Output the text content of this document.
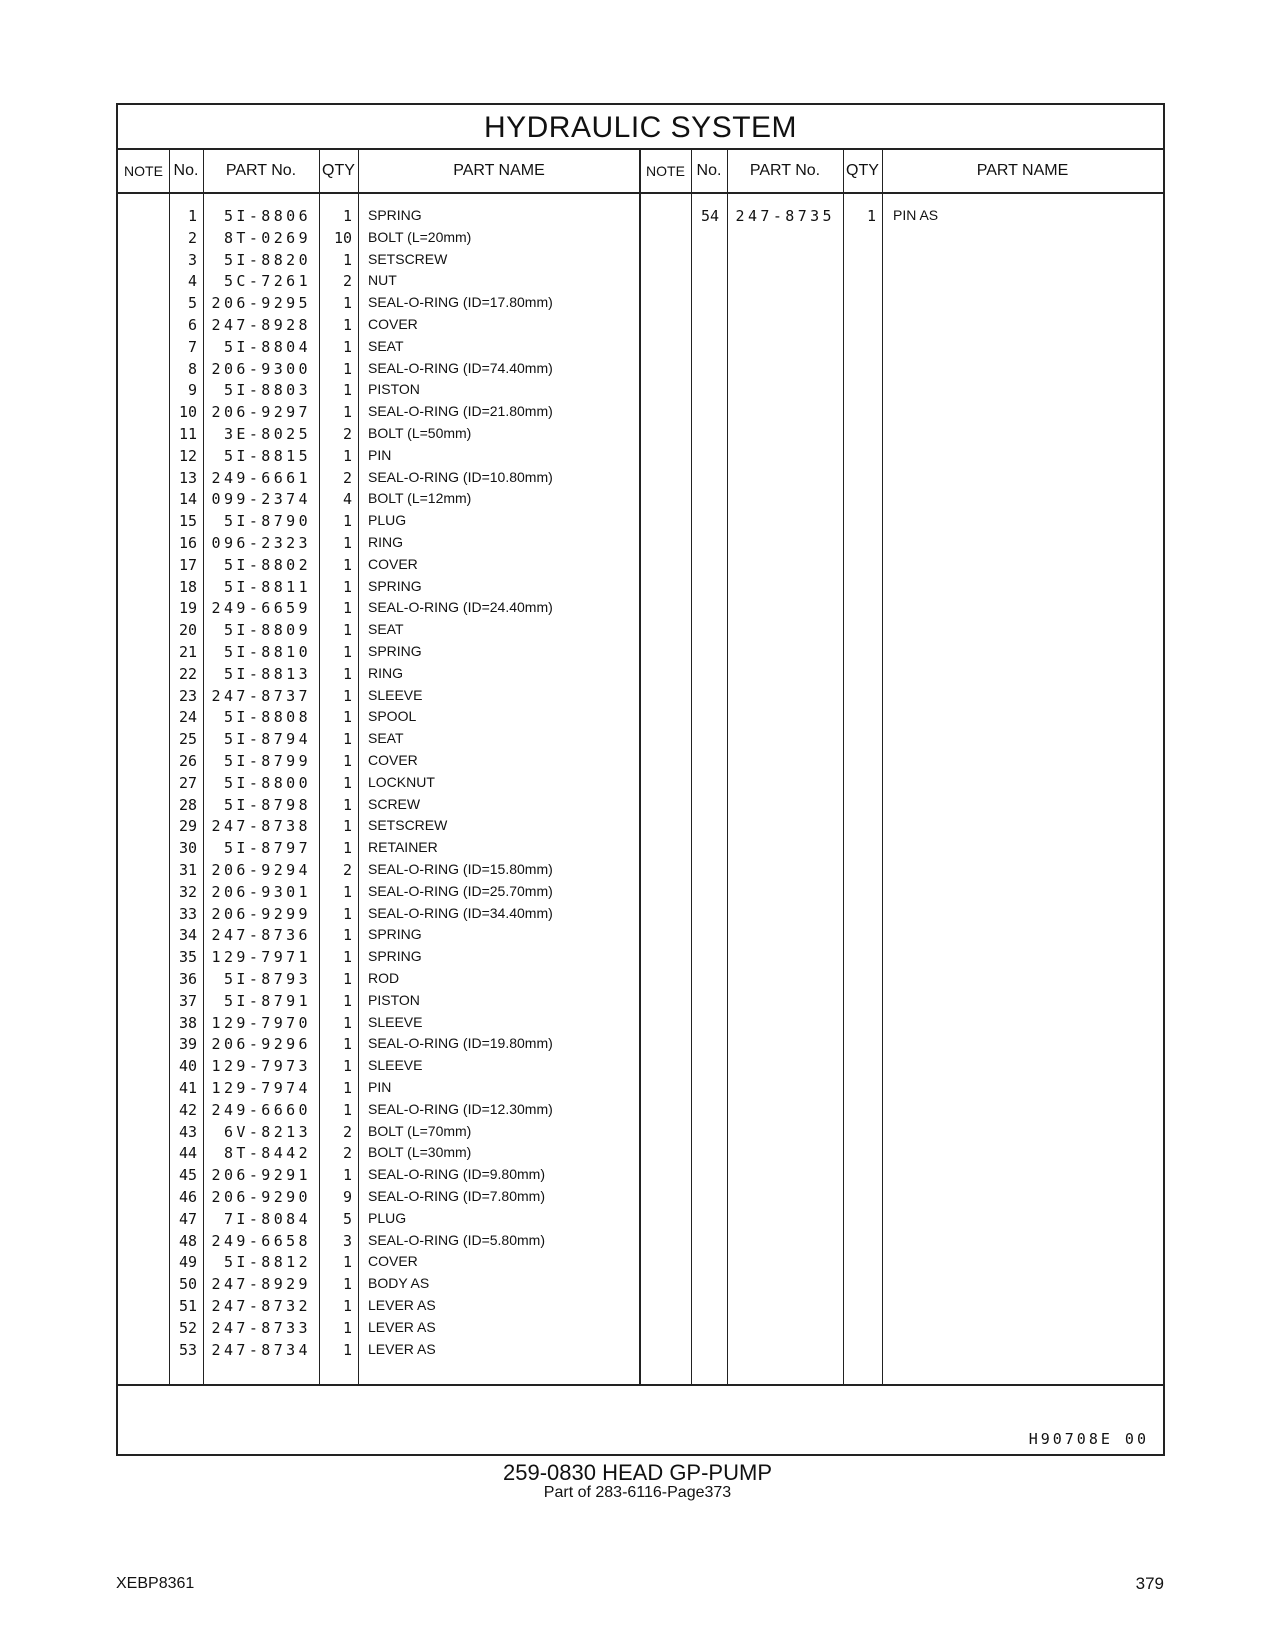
HYDRAULIC SYSTEM
NOTE No.	PART No.	QTY	PART NAME	NOTE No.	PART No.	QTY	PART NAME
1	5I-8806	1 SPRING
2	8T-0269	10 BOLT (L=20mm)
3	5I-8820	1 SETSCREW
4	5C-7261	2 NUT
5 206-9295	1 SEAL-O-RING (ID=17.80mm)
6 247-8928	1 COVER
7	5I-8804	1 SEAT
8 206-9300	1 SEAL-O-RING (ID=74.40mm)
9	5I-8803	1 PISTON
10 206-9297	1 SEAL-O-RING (ID=21.80mm)
11	3E-8025	2 BOLT (L=50mm)
12	5I-8815	1 PIN
13 249-6661	2 SEAL-O-RING (ID=10.80mm)
14 099-2374	4 BOLT (L=12mm)
15	5I-8790	1 PLUG
16 096-2323	1 RING
17	5I-8802	1 COVER
18	5I-8811	1 SPRING
19 249-6659	1 SEAL-O-RING (ID=24.40mm)
20	5I-8809	1 SEAT
21	5I-8810	1 SPRING
22	5I-8813	1 RING
23 247-8737	1 SLEEVE
24	5I-8808	1 SPOOL
25	5I-8794	1 SEAT
26	5I-8799	1 COVER
27	5I-8800	1 LOCKNUT
28	5I-8798	1 SCREW
29 247-8738	1 SETSCREW
30	5I-8797	1 RETAINER
31 206-9294	2 SEAL-O-RING (ID=15.80mm)
32 206-9301	1 SEAL-O-RING (ID=25.70mm)
33 206-9299	1 SEAL-O-RING (ID=34.40mm)
34 247-8736	1 SPRING
35 129-7971	1 SPRING
36	5I-8793	1 ROD
37	5I-8791	1 PISTON
38 129-7970	1 SLEEVE
39 206-9296	1 SEAL-O-RING (ID=19.80mm)
40 129-7973	1 SLEEVE
41 129-7974	1 PIN
42 249-6660	1 SEAL-O-RING (ID=12.30mm)
43	6V-8213	2 BOLT (L=70mm)
44	8T-8442	2 BOLT (L=30mm)
45 206-9291	1 SEAL-O-RING (ID=9.80mm)
46 206-9290	9 SEAL-O-RING (ID=7.80mm)
47	7I-8084	5 PLUG
48 249-6658	3 SEAL-O-RING (ID=5.80mm)
49	5I-8812	1 COVER
50 247-8929	1 BODY AS
51 247-8732	1 LEVER AS
52 247-8733	1 LEVER AS
53 247-8734	1 LEVER AS
54	247-8735	1 PIN AS
H90708E 00
259-0830 HEAD GP-PUMP
Part of 283-6116-Page373
XEBP8361	379
